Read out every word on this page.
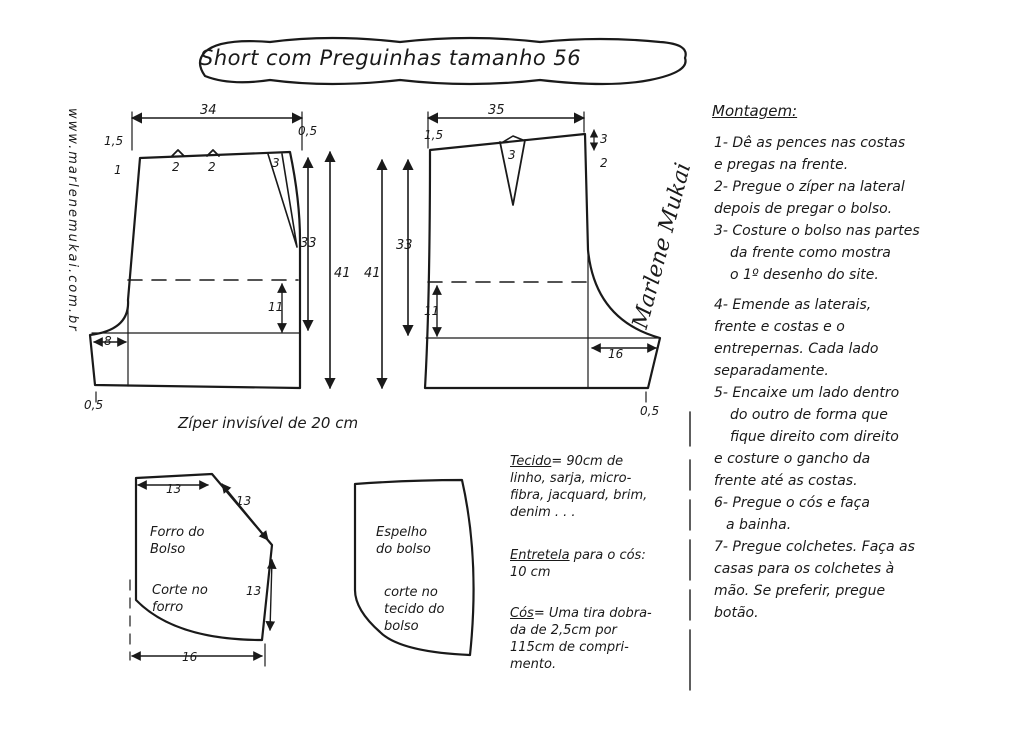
Short com Preguinhas tamanho 56
www.marlenemukai.com.br	Marlene Mukai
34
1,5
0,5
1	2 2	3
33
41
11
8
0,5
35
1,5	3
2
3
41
33
11
16
0,5
Zíper invisível de 20 cm
13
13
13
16
Forro do
Bolso
Corte no
forro
Espelho
do bolso
corte no
tecido do
bolso

Tecido= 90cm de
linho, sarja, micro-
fibra, jacquard, brim,
denim . . .

Entretela para o cós:
10 cm

Cós= Uma tira dobra-
da de 2,5cm por
115cm de compri-
mento.

Montagem:
1- Dê as pences nas costas
e pregas na frente.
2- Pregue o zíper na lateral
depois de pregar o bolso.
3- Costure o bolso nas partes
da frente como mostra
o 1º desenho do site.
4- Emende as laterais,
frente e costas e o
entrepernas. Cada lado
separadamente.
5- Encaixe um lado dentro
do outro de forma que
fique direito com direito
e costure o gancho da
frente até as costas.
6- Pregue o cós e faça
a bainha.
7- Pregue colchetes. Faça as
casas para os colchetes à
mão. Se preferir, pregue
botão.
